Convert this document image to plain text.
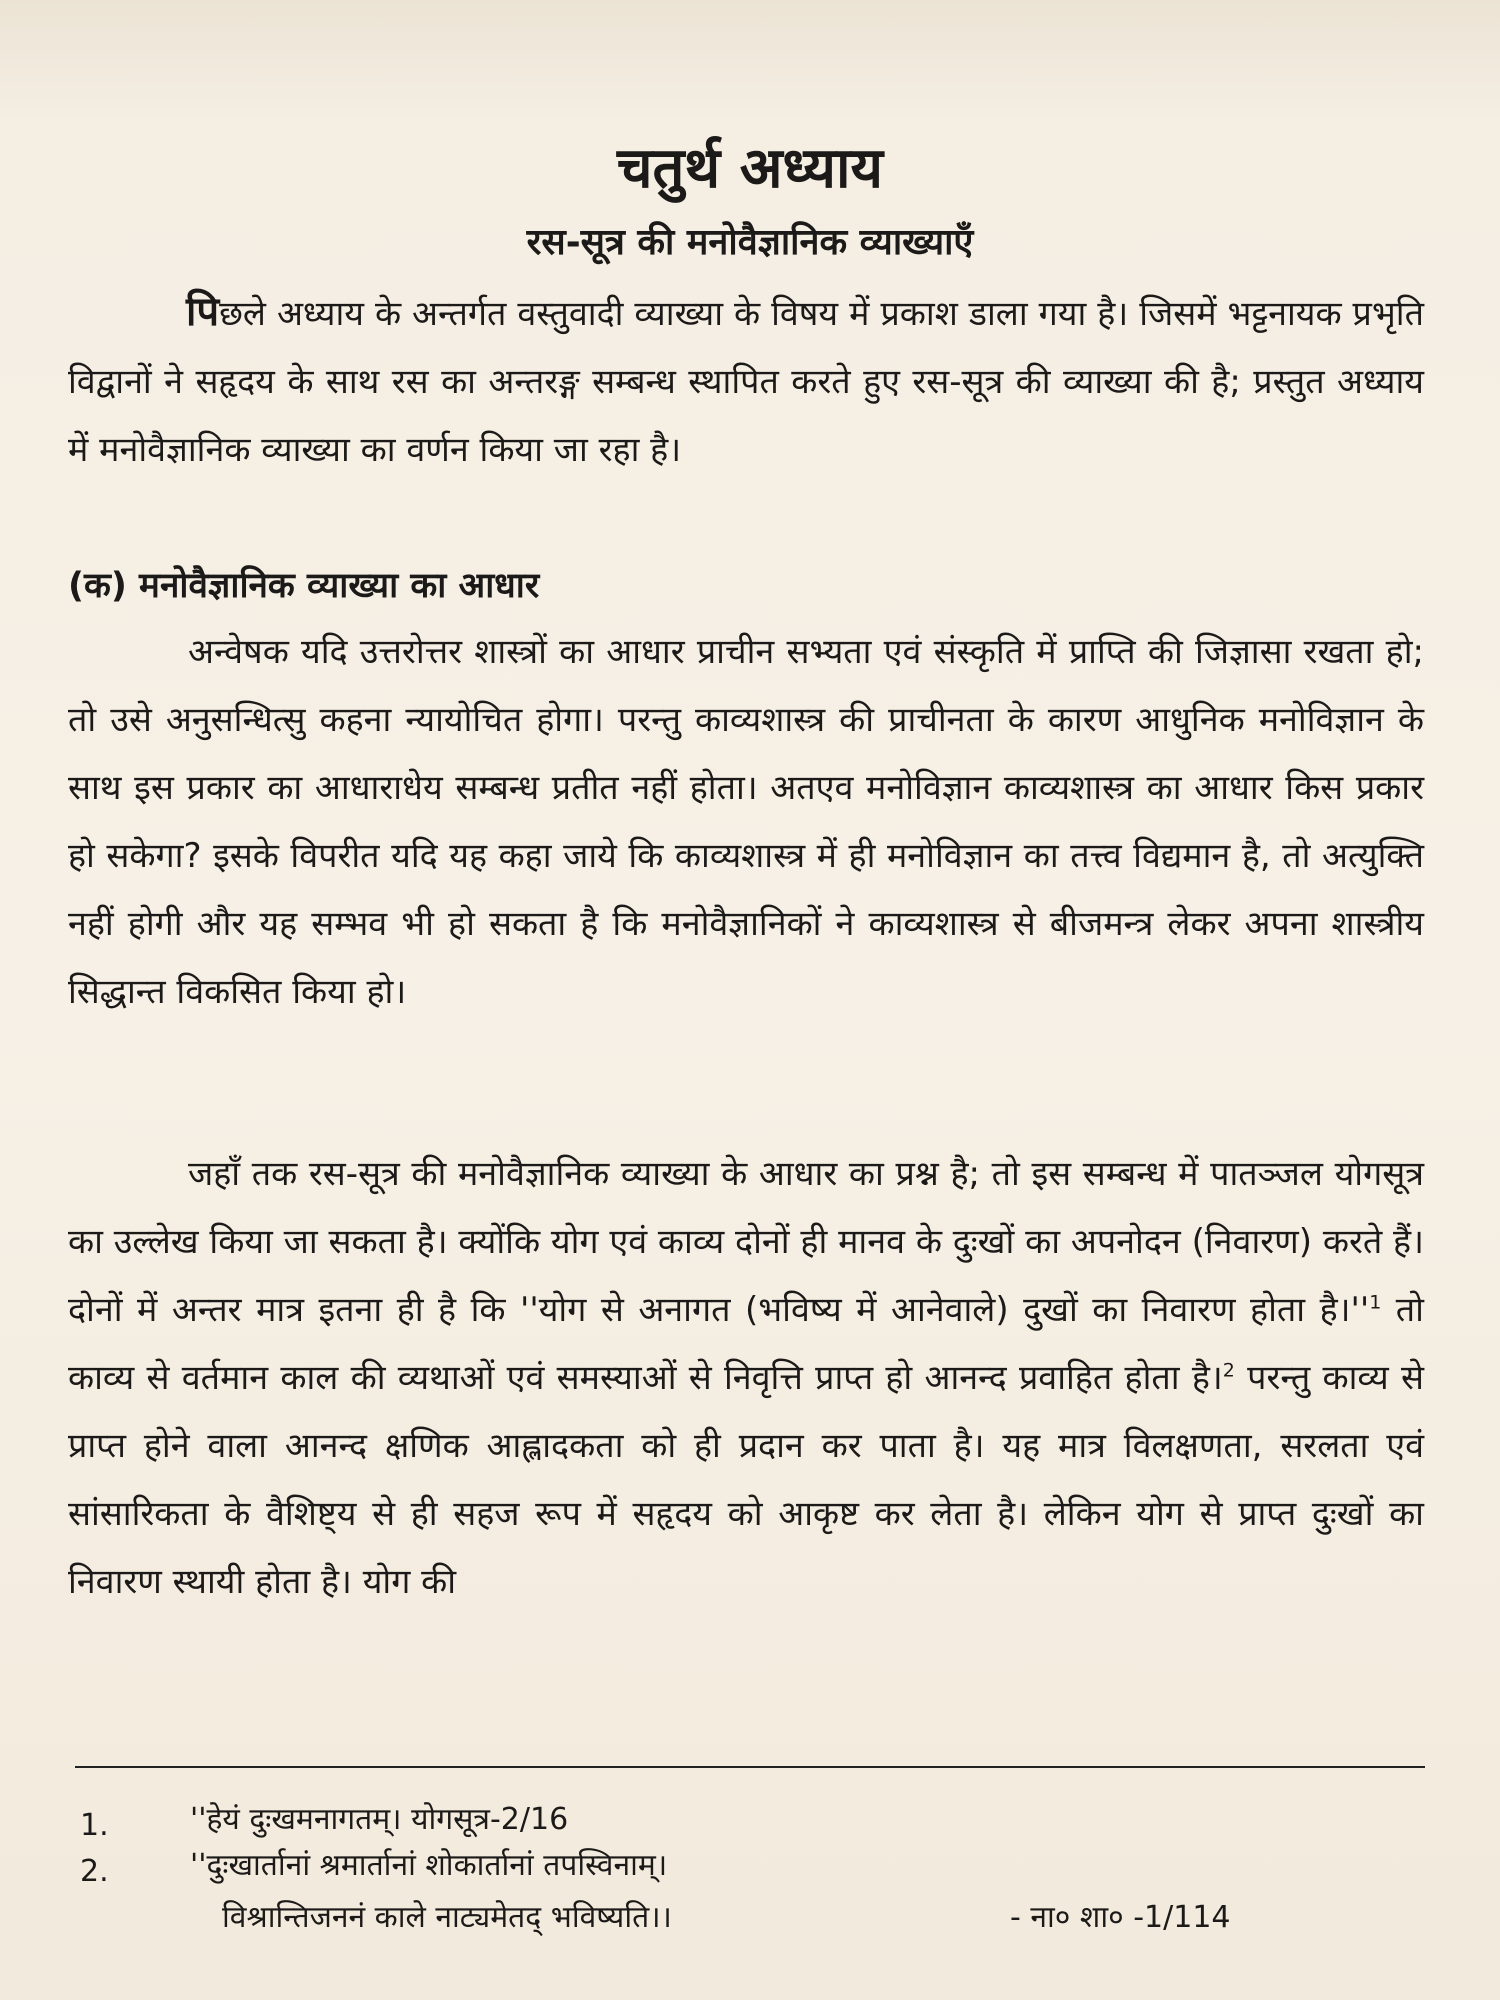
चतुर्थ अध्याय
रस-सूत्र की मनोवैज्ञानिक व्याख्याएँ

पिछले अध्याय के अन्तर्गत वस्तुवादी व्याख्या के विषय में प्रकाश डाला गया है। जिसमें भट्टनायक प्रभृति विद्वानों ने सहृदय के साथ रस का अन्तरङ्ग सम्बन्ध स्थापित करते हुए रस-सूत्र की व्याख्या की है; प्रस्तुत अध्याय में मनोवैज्ञानिक व्याख्या का वर्णन किया जा रहा है।

(क) मनोवैज्ञानिक व्याख्या का आधार

अन्वेषक यदि उत्तरोत्तर शास्त्रों का आधार प्राचीन सभ्यता एवं संस्कृति में प्राप्ति की जिज्ञासा रखता हो; तो उसे अनुसन्धित्सु कहना न्यायोचित होगा। परन्तु काव्यशास्त्र की प्राचीनता के कारण आधुनिक मनोविज्ञान के साथ इस प्रकार का आधाराधेय सम्बन्ध प्रतीत नहीं होता। अतएव मनोविज्ञान काव्यशास्त्र का आधार किस प्रकार हो सकेगा? इसके विपरीत यदि यह कहा जाये कि काव्यशास्त्र में ही मनोविज्ञान का तत्त्व विद्यमान है, तो अत्युक्ति नहीं होगी और यह सम्भव भी हो सकता है कि मनोवैज्ञानिकों ने काव्यशास्त्र से बीजमन्त्र लेकर अपना शास्त्रीय सिद्धान्त विकसित किया हो।

जहाँ तक रस-सूत्र की मनोवैज्ञानिक व्याख्या के आधार का प्रश्न है; तो इस सम्बन्ध में पातञ्जल योगसूत्र का उल्लेख किया जा सकता है। क्योंकि योग एवं काव्य दोनों ही मानव के दुःखों का अपनोदन (निवारण) करते हैं। दोनों में अन्तर मात्र इतना ही है कि ''योग से अनागत (भविष्य में आनेवाले) दुखों का निवारण होता $है।''^1$ तो काव्य से वर्तमान काल की व्यथाओं एवं समस्याओं से निवृत्ति प्राप्त हो आनन्द प्रवाहित होता है।$^2$ परन्तु काव्य से प्राप्त होने वाला आनन्द क्षणिक आह्लादकता को ही प्रदान कर पाता है। यह मात्र विलक्षणता, सरलता एवं सांसारिकता के वैशिष्ट्य से ही सहज रूप में सहृदय को आकृष्ट कर लेता है। लेकिन योग से प्राप्त दुःखों का निवारण स्थायी होता है। योग की

1.	''हेयं दुःखमनागतम्। योगसूत्र-2/16
2.	''दुःखार्तानां श्रमार्तानां शोकार्तानां तपस्विनाम्।
विश्रान्तिजननं काले नाट्यमेतद् भविष्यति।।	- ना० शा० -1/114
